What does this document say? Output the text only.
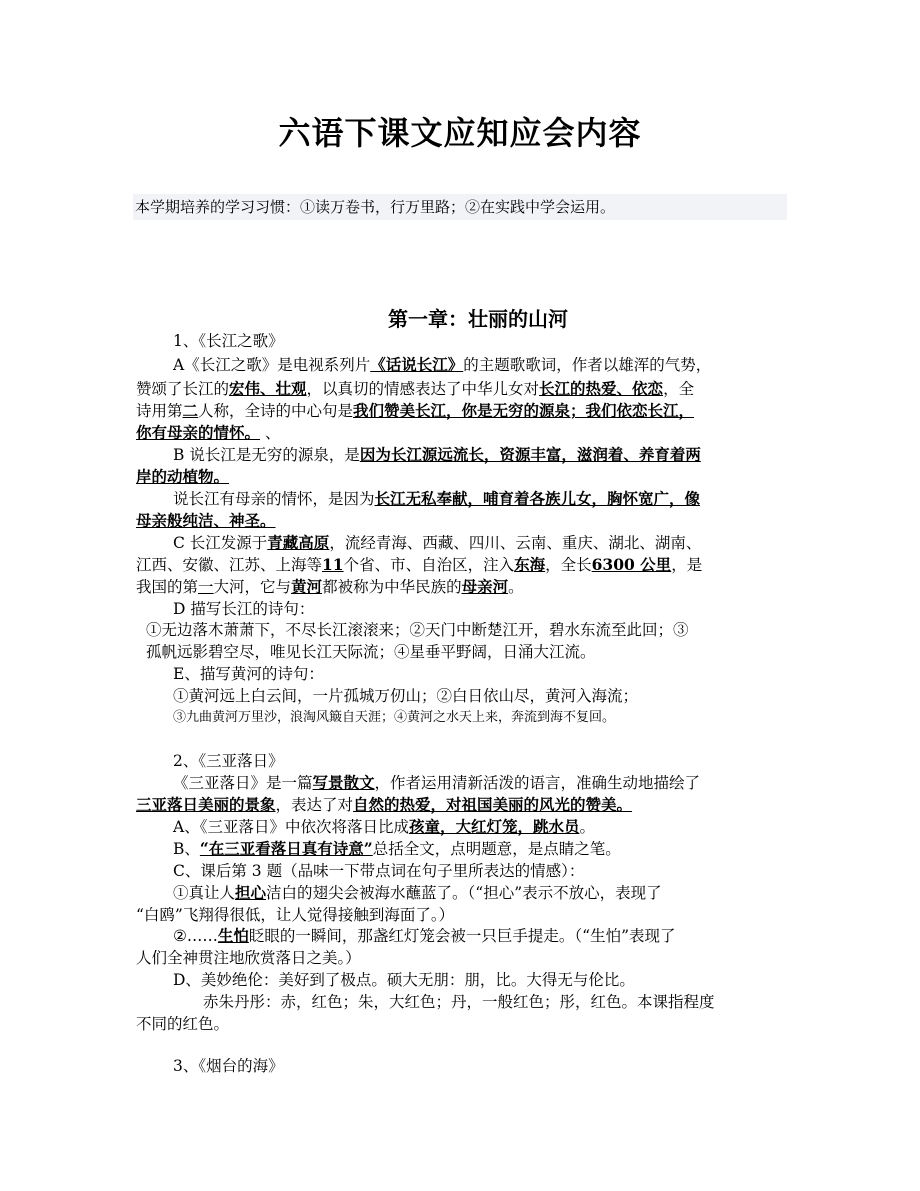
六语下课文应知应会内容
本学期培养的学习习惯：①读万卷书，行万里路；②在实践中学会运用。
第一章：壮丽的山河
1、《长江之歌》
A《长江之歌》是电视系列片《话说长江》的主题歌歌词，作者以雄浑的气势，
赞颂了长江的宏伟、壮观，以真切的情感表达了中华儿女对长江的热爱、依恋，全
诗用第二人称，全诗的中心句是我们赞美长江，你是无穷的源泉；我们依恋长江，
你有母亲的情怀。 、
B 说长江是无穷的源泉，是因为长江源远流长，资源丰富，滋润着、养育着两
岸的动植物。
说长江有母亲的情怀，是因为长江无私奉献，哺育着各族儿女，胸怀宽广，像
母亲般纯洁、神圣。
C 长江发源于青藏高原，流经青海、西藏、四川、云南、重庆、湖北、湖南、
江西、安徽、江苏、上海等11个省、市、自治区，注入东海，全长6300 公里，是
我国的第一大河，它与黄河都被称为中华民族的母亲河。
D 描写长江的诗句：
①无边落木萧萧下，不尽长江滚滚来；②天门中断楚江开，碧水东流至此回；③
孤帆远影碧空尽，唯见长江天际流；④星垂平野阔，日涌大江流。
E、描写黄河的诗句：
①黄河远上白云间，一片孤城万仞山；②白日依山尽，黄河入海流；
③九曲黄河万里沙，浪淘风簸自天涯；④黄河之水天上来，奔流到海不复回。
2、《三亚落日》
《三亚落日》是一篇写景散文，作者运用清新活泼的语言，准确生动地描绘了
三亚落日美丽的景象，表达了对自然的热爱，对祖国美丽的风光的赞美。
A、《三亚落日》中依次将落日比成孩童，大红灯笼，跳水员。
B、“在三亚看落日真有诗意”总括全文，点明题意，是点睛之笔。
C、课后第 3 题（品味一下带点词在句子里所表达的情感）：
①真让人担心洁白的翅尖会被海水蘸蓝了。（“担心”表示不放心，表现了
“白鸥”飞翔得很低，让人觉得接触到海面了。）
②……生怕眨眼的一瞬间，那盏红灯笼会被一只巨手提走。（“生怕”表现了
人们全神贯注地欣赏落日之美。）
D、美妙绝伦：美好到了极点。硕大无朋：朋，比。大得无与伦比。
赤朱丹彤：赤，红色；朱，大红色；丹，一般红色；彤，红色。本课指程度
不同的红色。
3、《烟台的海》
